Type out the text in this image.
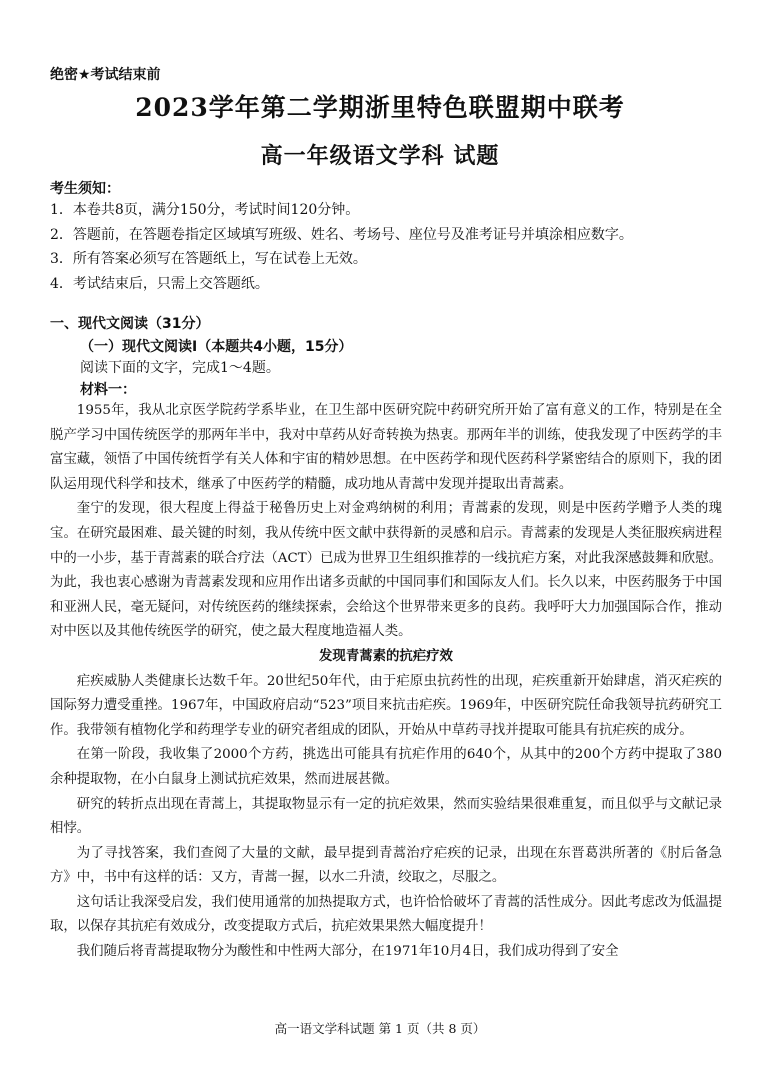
绝密★考试结束前
2023学年第二学期浙里特色联盟期中联考
高一年级语文学科 试题
考生须知：
1．本卷共8页，满分150分，考试时间120分钟。
2．答题前，在答题卷指定区域填写班级、姓名、考场号、座位号及准考证号并填涂相应数字。
3．所有答案必须写在答题纸上，写在试卷上无效。
4．考试结束后，只需上交答题纸。
一、现代文阅读（31分）
（一）现代文阅读Ⅰ（本题共4小题，15分）
阅读下面的文字，完成1～4题。
材料一：

1955年，我从北京医学院药学系毕业，在卫生部中医研究院中药研究所开始了富有意义的工作，特别是在全脱产学习中国传统医学的那两年半中，我对中草药从好奇转换为热衷。那两年半的训练，使我发现了中医药学的丰富宝藏，领悟了中国传统哲学有关人体和宇宙的精妙思想。在中医药学和现代医药科学紧密结合的原则下，我的团队运用现代科学和技术，继承了中医药学的精髓，成功地从青蒿中发现并提取出青蒿素。

奎宁的发现，很大程度上得益于秘鲁历史上对金鸡纳树的利用；青蒿素的发现，则是中医药学赠予人类的瑰宝。在研究最困难、最关键的时刻，我从传统中医文献中获得新的灵感和启示。青蒿素的发现是人类征服疾病进程中的一小步，基于青蒿素的联合疗法（ACT）已成为世界卫生组织推荐的一线抗疟方案，对此我深感鼓舞和欣慰。为此，我也衷心感谢为青蒿素发现和应用作出诸多贡献的中国同事们和国际友人们。长久以来，中医药服务于中国和亚洲人民，毫无疑问，对传统医药的继续探索，会给这个世界带来更多的良药。我呼吁大力加强国际合作，推动对中医以及其他传统医学的研究，使之最大程度地造福人类。

发现青蒿素的抗疟疗效

疟疾威胁人类健康长达数千年。20世纪50年代，由于疟原虫抗药性的出现，疟疾重新开始肆虐，消灭疟疾的国际努力遭受重挫。1967年，中国政府启动“523”项目来抗击疟疾。1969年，中医研究院任命我领导抗药研究工作。我带领有植物化学和药理学专业的研究者组成的团队，开始从中草药寻找并提取可能具有抗疟疾的成分。

在第一阶段，我收集了2000个方药，挑选出可能具有抗疟作用的640个，从其中的200个方药中提取了380余种提取物，在小白鼠身上测试抗疟效果，然而进展甚微。

研究的转折点出现在青蒿上，其提取物显示有一定的抗疟效果，然而实验结果很难重复，而且似乎与文献记录相悖。

为了寻找答案，我们查阅了大量的文献，最早提到青蒿治疗疟疾的记录，出现在东晋葛洪所著的《肘后备急方》中，书中有这样的话：又方，青蒿一握，以水二升渍，绞取之，尽服之。

这句话让我深受启发，我们使用通常的加热提取方式，也许恰恰破坏了青蒿的活性成分。因此考虑改为低温提取，以保存其抗疟有效成分，改变提取方式后，抗疟效果果然大幅度提升！

我们随后将青蒿提取物分为酸性和中性两大部分，在1971年10月4日，我们成功得到了安全

高一语文学科试题 第 1 页（共 8 页）
